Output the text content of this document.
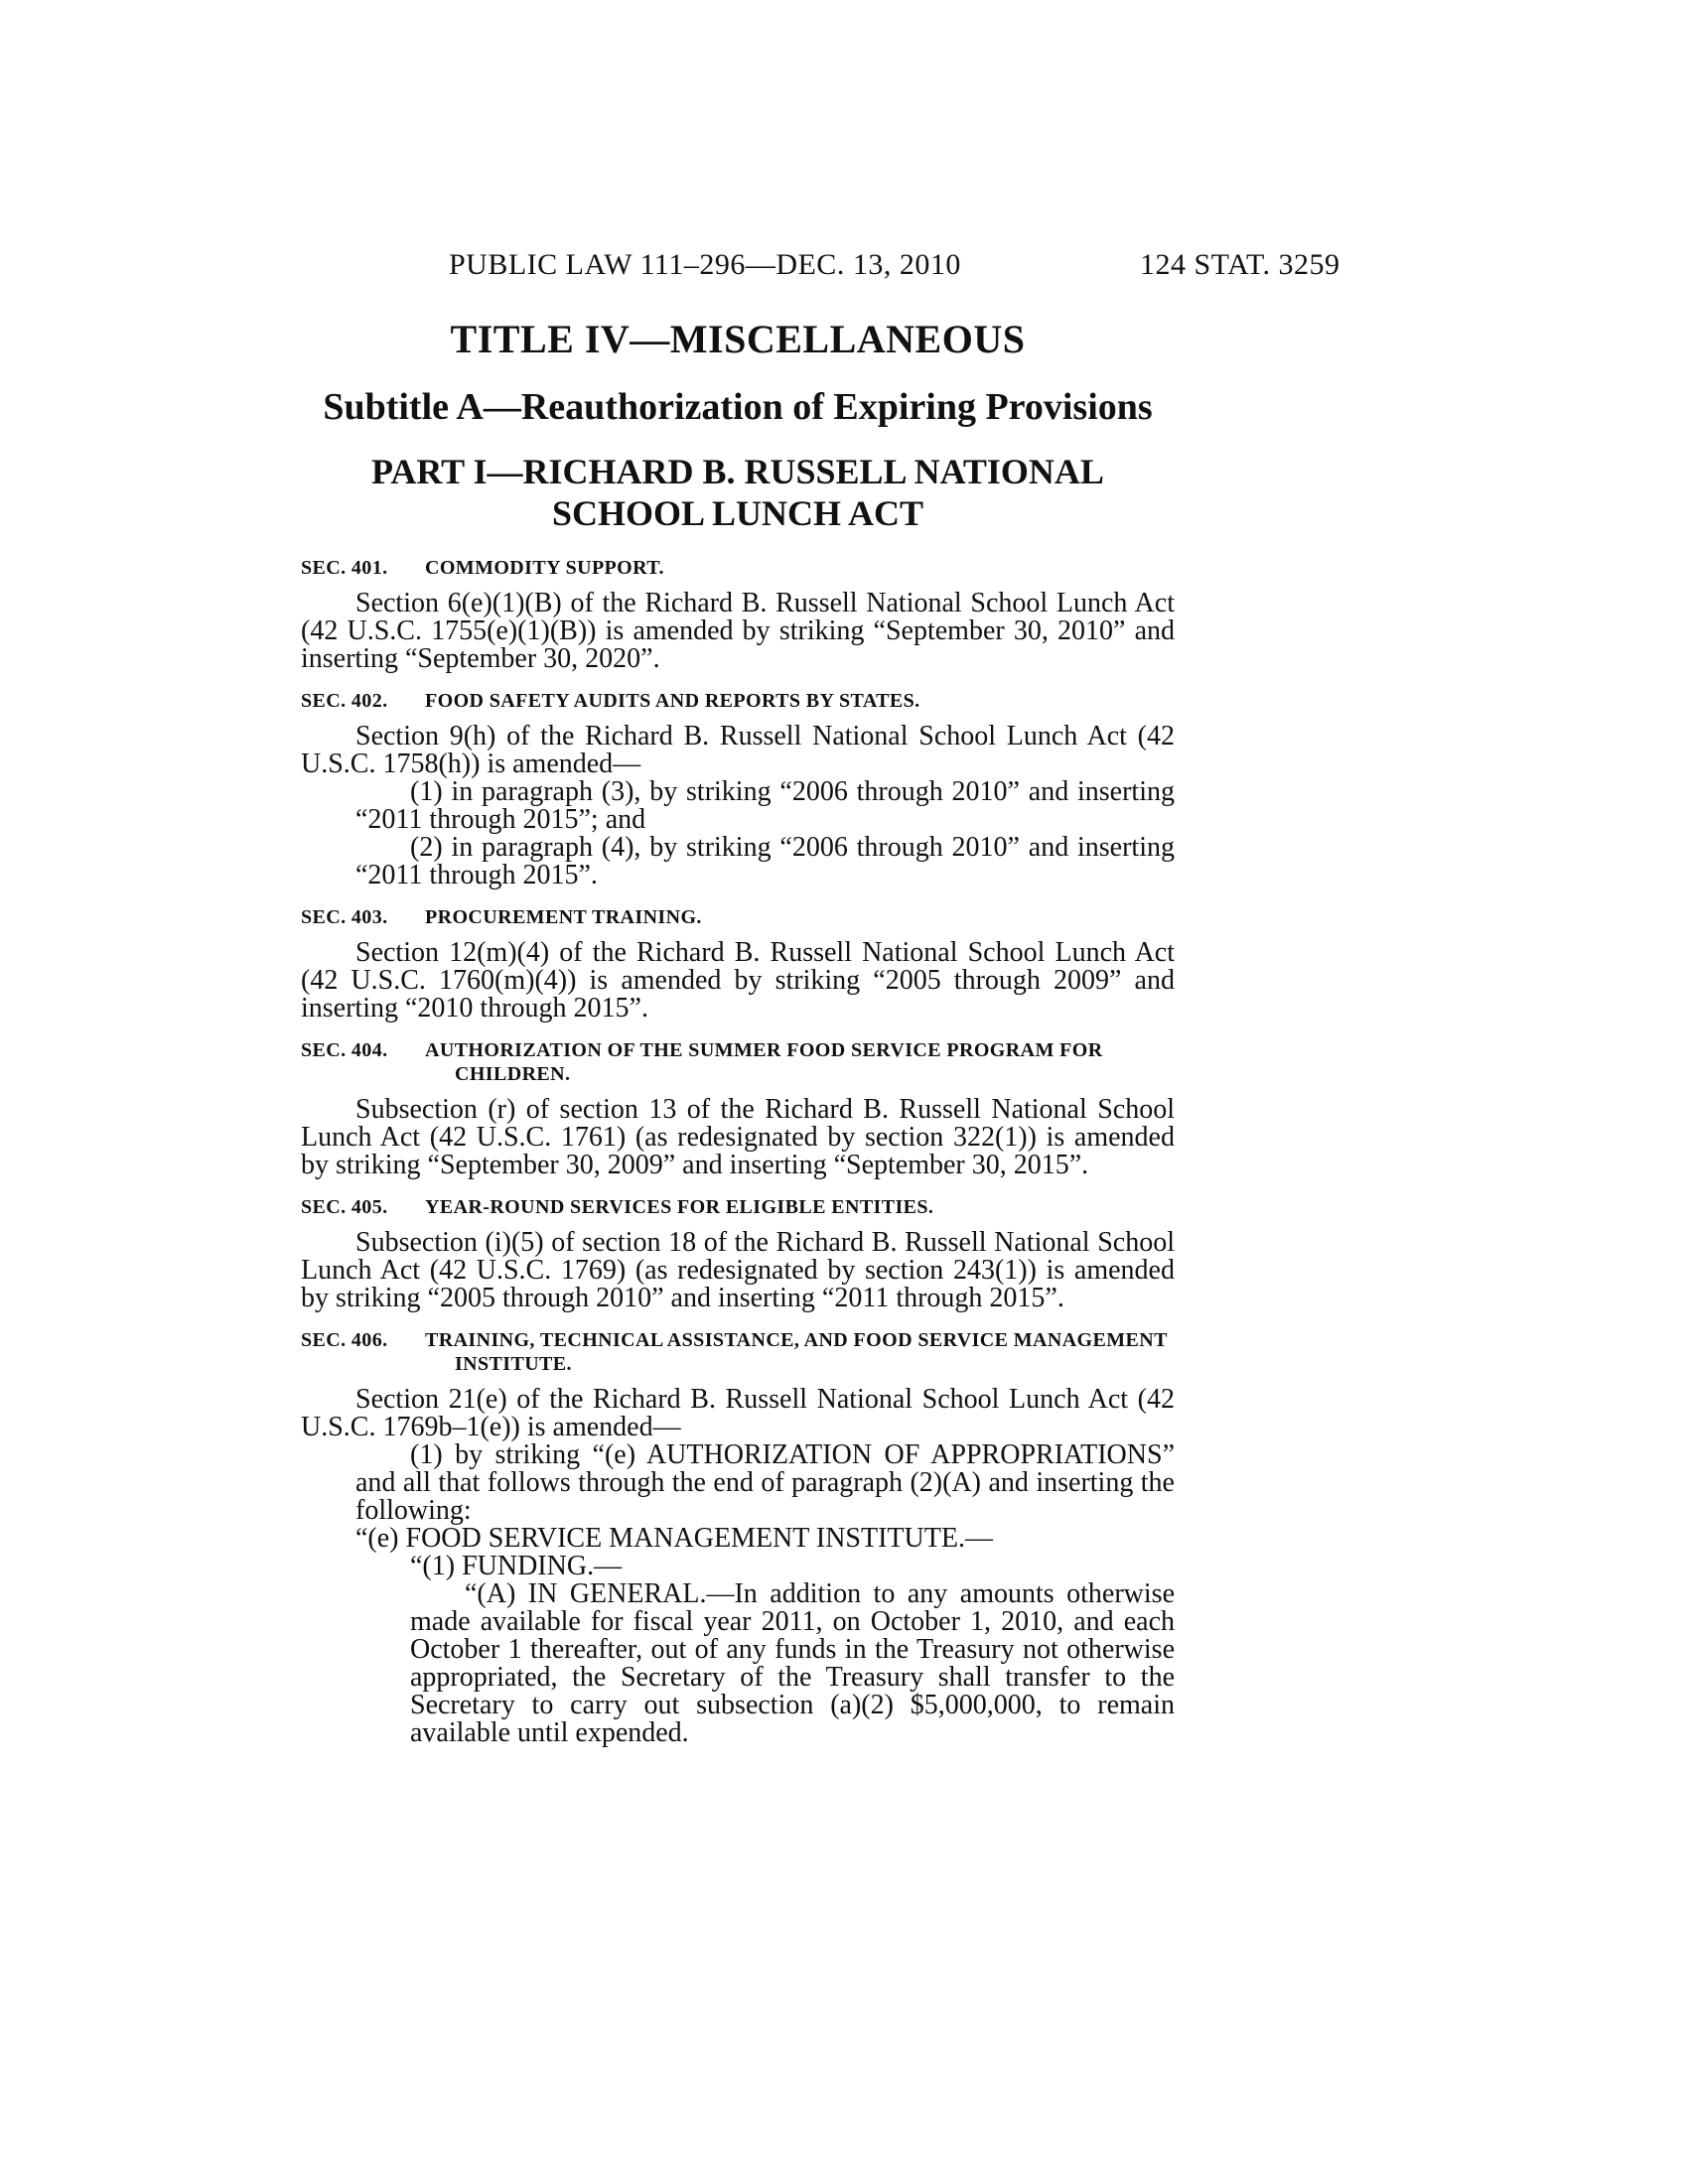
PUBLIC LAW 111–296—DEC. 13, 2010	124 STAT. 3259
TITLE IV—MISCELLANEOUS
Subtitle A—Reauthorization of Expiring Provisions
PART I—RICHARD B. RUSSELL NATIONAL SCHOOL LUNCH ACT
SEC. 401. COMMODITY SUPPORT.

Section 6(e)(1)(B) of the Richard B. Russell National School Lunch Act (42 U.S.C. 1755(e)(1)(B)) is amended by striking “September 30, 2010” and inserting “September 30, 2020”.

SEC. 402. FOOD SAFETY AUDITS AND REPORTS BY STATES.

Section 9(h) of the Richard B. Russell National School Lunch Act (42 U.S.C. 1758(h)) is amended—

(1) in paragraph (3), by striking “2006 through 2010” and inserting “2011 through 2015”; and

(2) in paragraph (4), by striking “2006 through 2010” and inserting “2011 through 2015”.

SEC. 403. PROCUREMENT TRAINING.

Section 12(m)(4) of the Richard B. Russell National School Lunch Act (42 U.S.C. 1760(m)(4)) is amended by striking “2005 through 2009” and inserting “2010 through 2015”.

SEC. 404. AUTHORIZATION OF THE SUMMER FOOD SERVICE PROGRAM FOR CHILDREN.

Subsection (r) of section 13 of the Richard B. Russell National School Lunch Act (42 U.S.C. 1761) (as redesignated by section 322(1)) is amended by striking “September 30, 2009” and inserting “September 30, 2015”.

SEC. 405. YEAR-ROUND SERVICES FOR ELIGIBLE ENTITIES.

Subsection (i)(5) of section 18 of the Richard B. Russell National School Lunch Act (42 U.S.C. 1769) (as redesignated by section 243(1)) is amended by striking “2005 through 2010” and inserting “2011 through 2015”.

SEC. 406. TRAINING, TECHNICAL ASSISTANCE, AND FOOD SERVICE MANAGEMENT INSTITUTE.

Section 21(e) of the Richard B. Russell National School Lunch Act (42 U.S.C. 1769b–1(e)) is amended—

(1) by striking “(e) AUTHORIZATION OF APPROPRIATIONS” and all that follows through the end of paragraph (2)(A) and inserting the following:

“(e) FOOD SERVICE MANAGEMENT INSTITUTE.—

“(1) FUNDING.—

“(A) IN GENERAL.—In addition to any amounts otherwise made available for fiscal year 2011, on October 1, 2010, and each October 1 thereafter, out of any funds in the Treasury not otherwise appropriated, the Secretary of the Treasury shall transfer to the Secretary to carry out subsection (a)(2) $5,000,000, to remain available until expended.
